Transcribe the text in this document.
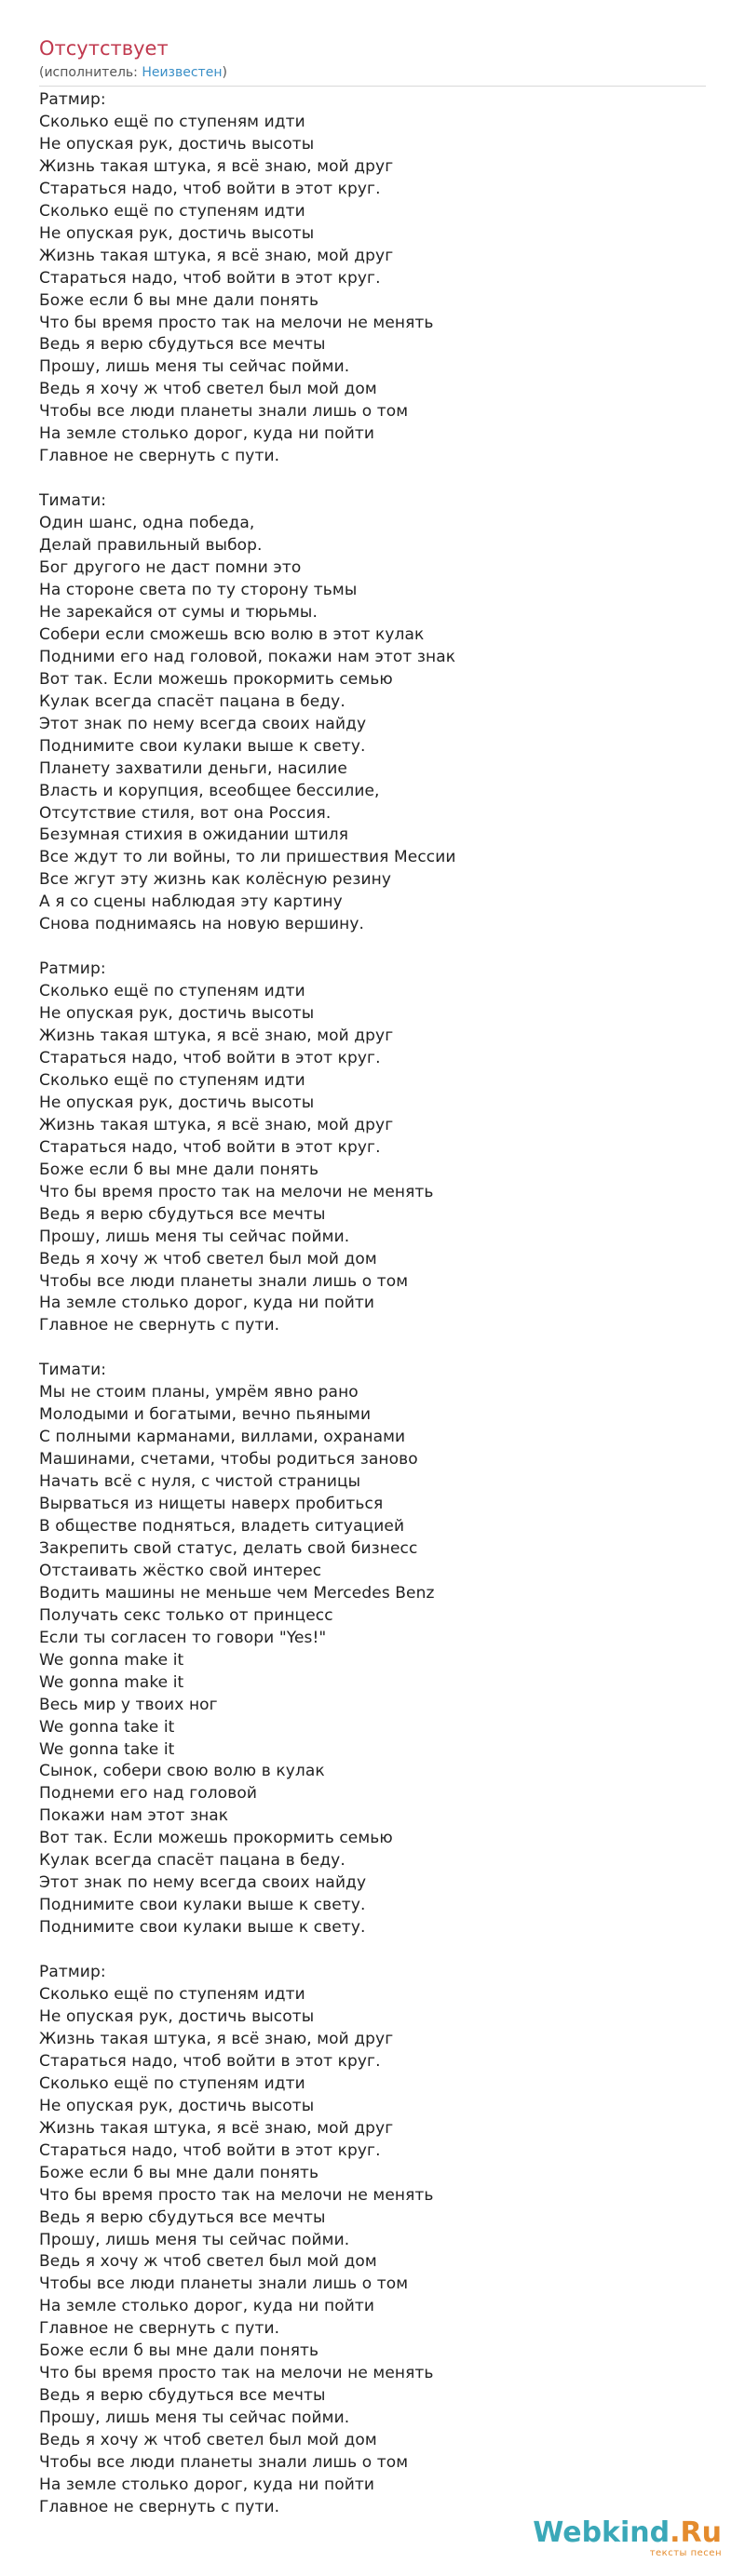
Отсутствует
(исполнитель: Неизвестен)
Ратмир:
Сколько ещё по ступеням идти
Не опуская рук, достичь высоты
Жизнь такая штука, я всё знаю, мой друг
Стараться надо, чтоб войти в этот круг.
Сколько ещё по ступеням идти
Не опуская рук, достичь высоты
Жизнь такая штука, я всё знаю, мой друг
Стараться надо, чтоб войти в этот круг.
Боже если б вы мне дали понять
Что бы время просто так на мелочи не менять
Ведь я верю сбудуться все мечты
Прошу, лишь меня ты сейчас пойми.
Ведь я хочу ж чтоб светел был мой дом
Чтобы все люди планеты знали лишь о том
На земле столько дорог, куда ни пойти
Главное не свернуть с пути.

Тимати:
Один шанс, одна победа,
Делай правильный выбор.
Бог другого не даст помни это
На стороне света по ту сторону тьмы
Не зарекайся от сумы и тюрьмы.
Собери если сможешь всю волю в этот кулак
Подними его над головой, покажи нам этот знак
Вот так. Если можешь прокормить семью
Кулак всегда спасёт пацана в беду.
Этот знак по нему всегда своих найду
Поднимите свои кулаки выше к свету.
Планету захватили деньги, насилие
Власть и корупция, всеобщее бессилие,
Отсутствие стиля, вот она Россия.
Безумная стихия в ожидании штиля
Все ждут то ли войны, то ли пришествия Мессии
Все жгут эту жизнь как колёсную резину
А я со сцены наблюдая эту картину
Снова поднимаясь на новую вершину.

Ратмир:
Сколько ещё по ступеням идти
Не опуская рук, достичь высоты
Жизнь такая штука, я всё знаю, мой друг
Стараться надо, чтоб войти в этот круг.
Сколько ещё по ступеням идти
Не опуская рук, достичь высоты
Жизнь такая штука, я всё знаю, мой друг
Стараться надо, чтоб войти в этот круг.
Боже если б вы мне дали понять
Что бы время просто так на мелочи не менять
Ведь я верю сбудуться все мечты
Прошу, лишь меня ты сейчас пойми.
Ведь я хочу ж чтоб светел был мой дом
Чтобы все люди планеты знали лишь о том
На земле столько дорог, куда ни пойти
Главное не свернуть с пути.

Тимати:
Мы не стоим планы, умрём явно рано
Молодыми и богатыми, вечно пьяными
С полными карманами, виллами, охранами
Машинами, счетами, чтобы родиться заново
Начать всё с нуля, с чистой страницы
Вырваться из нищеты наверх пробиться
В обществе подняться, владеть ситуацией
Закрепить свой статус, делать свой бизнесс
Отстаивать жёстко свой интерес
Водить машины не меньше чем Mercedes Benz
Получать секс только от принцесс
Если ты согласен то говори "Yes!"
We gonna make it
We gonna make it
Весь мир у твоих ног
We gonna take it
We gonna take it
Сынок, собери свою волю в кулак
Поднеми его над головой
Покажи нам этот знак
Вот так. Если можешь прокормить семью
Кулак всегда спасёт пацана в беду.
Этот знак по нему всегда своих найду
Поднимите свои кулаки выше к свету.
Поднимите свои кулаки выше к свету.

Ратмир:
Сколько ещё по ступеням идти
Не опуская рук, достичь высоты
Жизнь такая штука, я всё знаю, мой друг
Стараться надо, чтоб войти в этот круг.
Сколько ещё по ступеням идти
Не опуская рук, достичь высоты
Жизнь такая штука, я всё знаю, мой друг
Стараться надо, чтоб войти в этот круг.
Боже если б вы мне дали понять
Что бы время просто так на мелочи не менять
Ведь я верю сбудуться все мечты
Прошу, лишь меня ты сейчас пойми.
Ведь я хочу ж чтоб светел был мой дом
Чтобы все люди планеты знали лишь о том
На земле столько дорог, куда ни пойти
Главное не свернуть с пути.
Боже если б вы мне дали понять
Что бы время просто так на мелочи не менять
Ведь я верю сбудуться все мечты
Прошу, лишь меня ты сейчас пойми.
Ведь я хочу ж чтоб светел был мой дом
Чтобы все люди планеты знали лишь о том
На земле столько дорог, куда ни пойти
Главное не свернуть с пути.
Webkind.Ru
тексты песен
